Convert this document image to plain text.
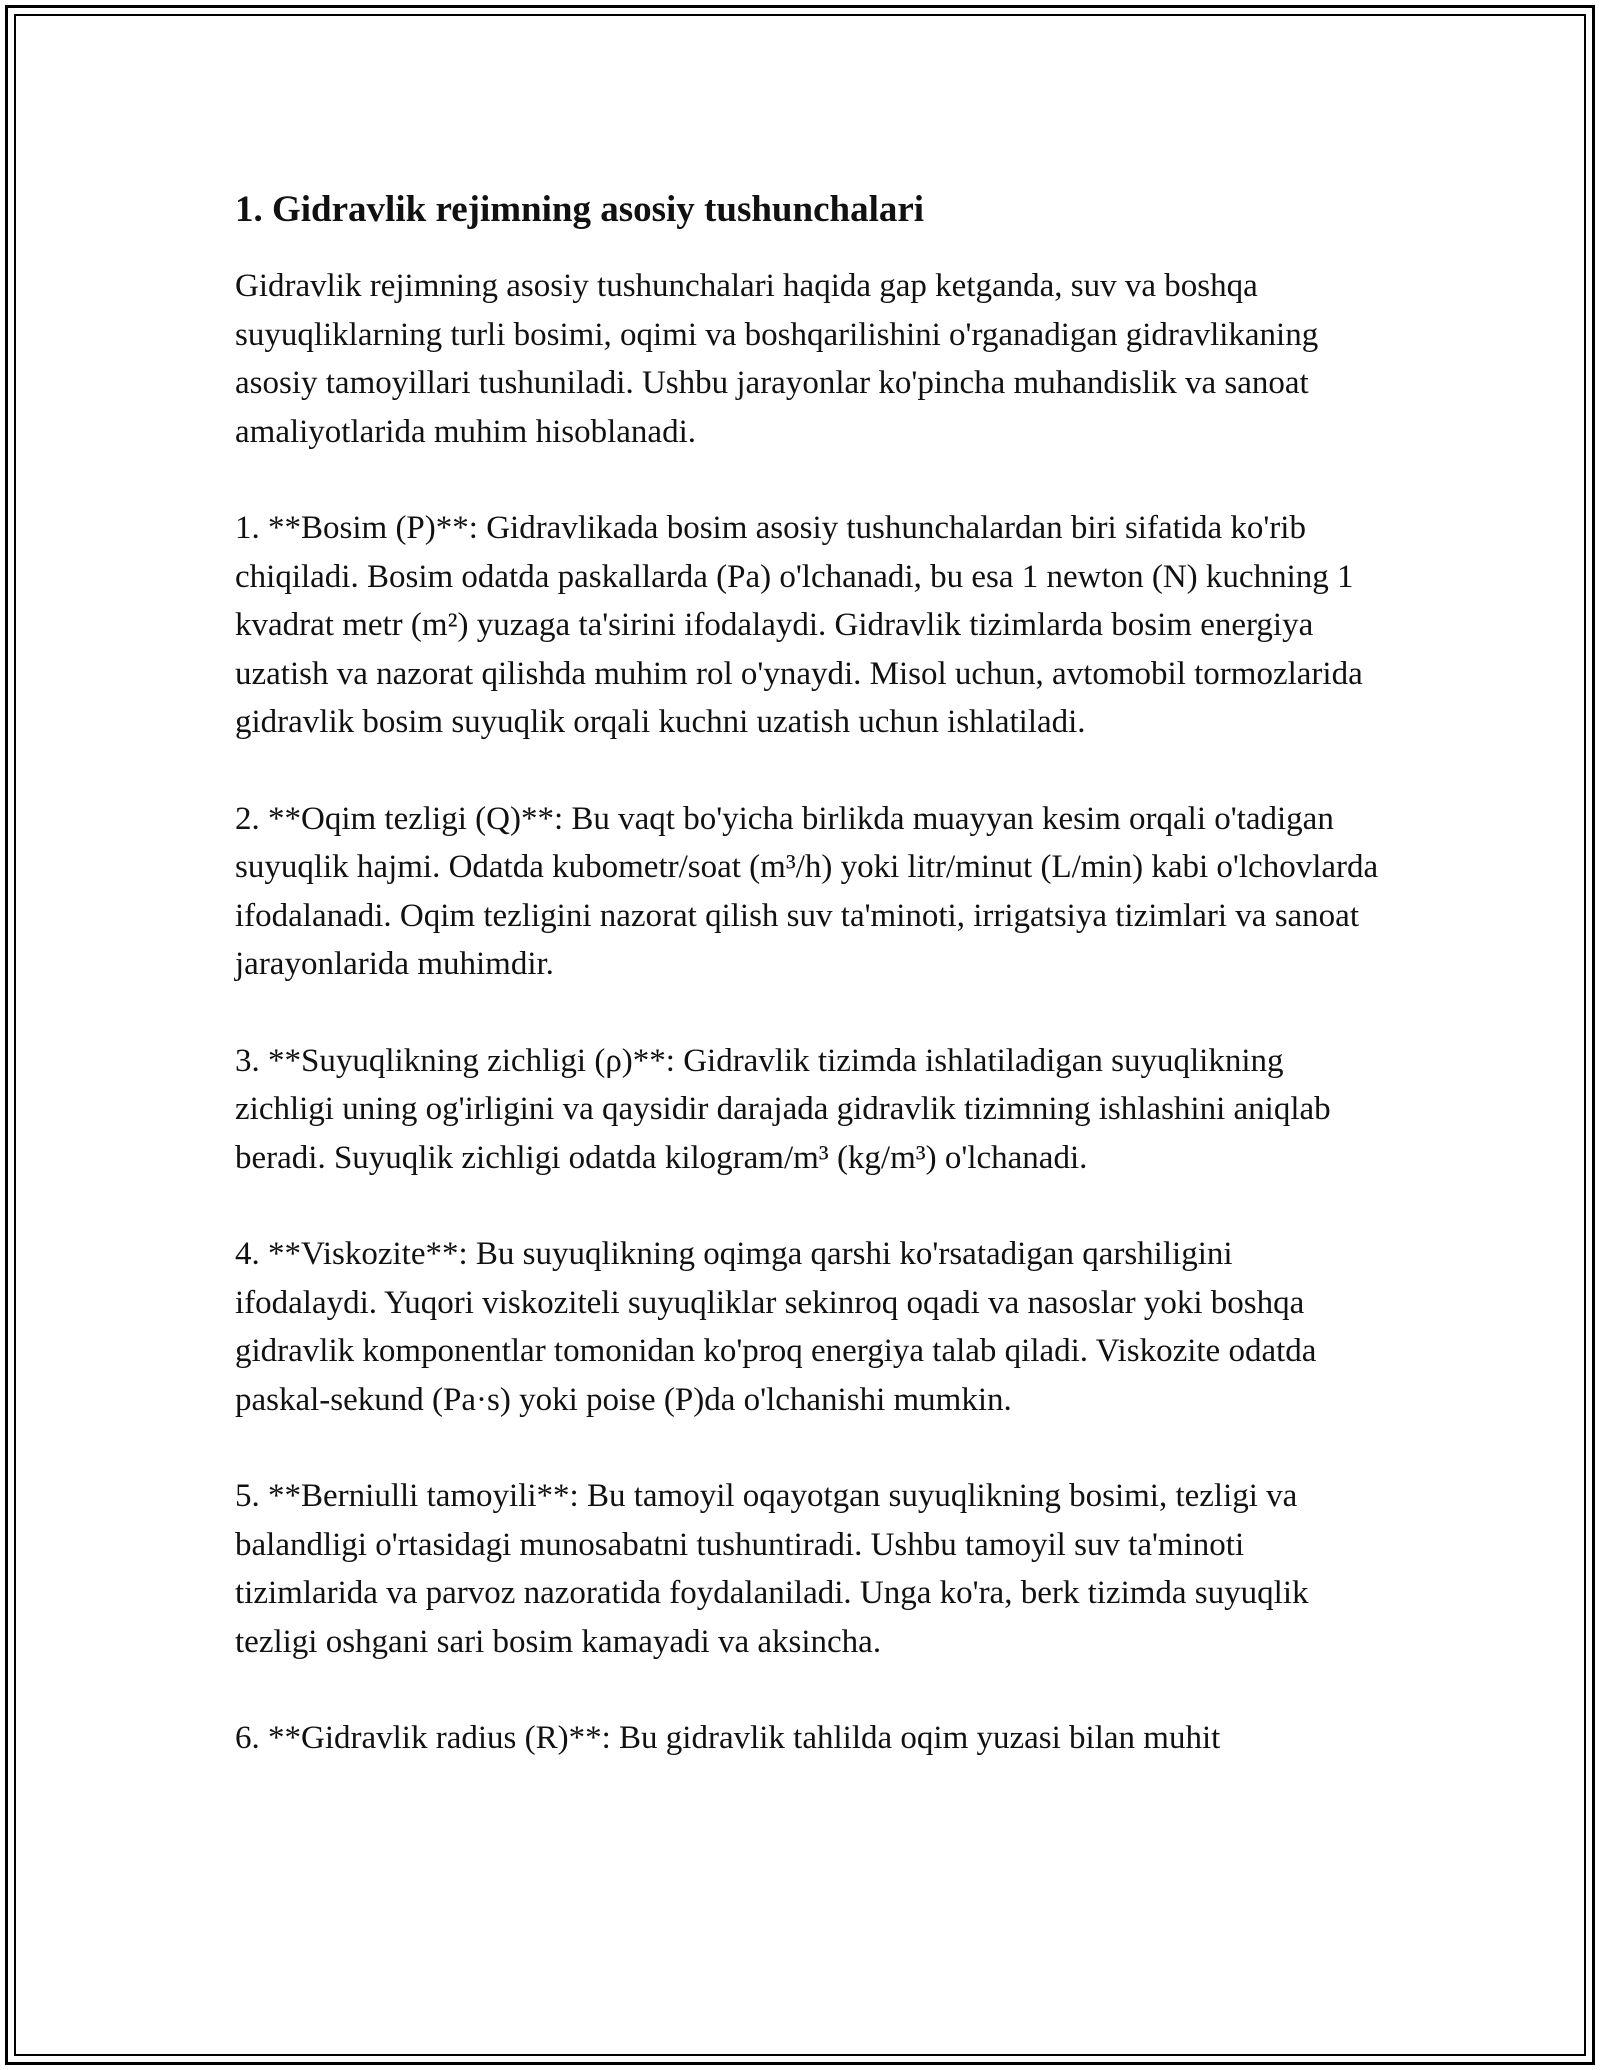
1. Gidravlik rejimning asosiy tushunchalari

Gidravlik rejimning asosiy tushunchalari haqida gap ketganda, suv va boshqa suyuqliklarning turli bosimi, oqimi va boshqarilishini o'rganadigan gidravlikaning asosiy tamoyillari tushuniladi. Ushbu jarayonlar ko'pincha muhandislik va sanoat amaliyotlarida muhim hisoblanadi.

1. **Bosim (P)**: Gidravlikada bosim asosiy tushunchalardan biri sifatida ko'rib chiqiladi. Bosim odatda paskallarda (Pa) o'lchanadi, bu esa 1 newton (N) kuchning 1 kvadrat metr (m²) yuzaga ta'sirini ifodalaydi. Gidravlik tizimlarda bosim energiya uzatish va nazorat qilishda muhim rol o'ynaydi. Misol uchun, avtomobil tormozlarida gidravlik bosim suyuqlik orqali kuchni uzatish uchun ishlatiladi.

2. **Oqim tezligi (Q)**: Bu vaqt bo'yicha birlikda muayyan kesim orqali o'tadigan suyuqlik hajmi. Odatda kubometr/soat (m³/h) yoki litr/minut (L/min) kabi o'lchovlarda ifodalanadi. Oqim tezligini nazorat qilish suv ta'minoti, irrigatsiya tizimlari va sanoat jarayonlarida muhimdir.

3. **Suyuqlikning zichligi (ρ)**: Gidravlik tizimda ishlatiladigan suyuqlikning zichligi uning og'irligini va qaysidir darajada gidravlik tizimning ishlashini aniqlab beradi. Suyuqlik zichligi odatda kilogram/m³ (kg/m³) o'lchanadi.

4. **Viskozite**: Bu suyuqlikning oqimga qarshi ko'rsatadigan qarshiligini ifodalaydi. Yuqori viskoziteli suyuqliklar sekinroq oqadi va nasoslar yoki boshqa gidravlik komponentlar tomonidan ko'proq energiya talab qiladi. Viskozite odatda paskal-sekund (Pa·s) yoki poise (P)da o'lchanishi mumkin.

5. **Berniulli tamoyili**: Bu tamoyil oqayotgan suyuqlikning bosimi, tezligi va balandligi o'rtasidagi munosabatni tushuntiradi. Ushbu tamoyil suv ta'minoti tizimlarida va parvoz nazoratida foydalaniladi. Unga ko'ra, berk tizimda suyuqlik tezligi oshgani sari bosim kamayadi va aksincha.

6. **Gidravlik radius (R)**: Bu gidravlik tahlilda oqim yuzasi bilan muhit
